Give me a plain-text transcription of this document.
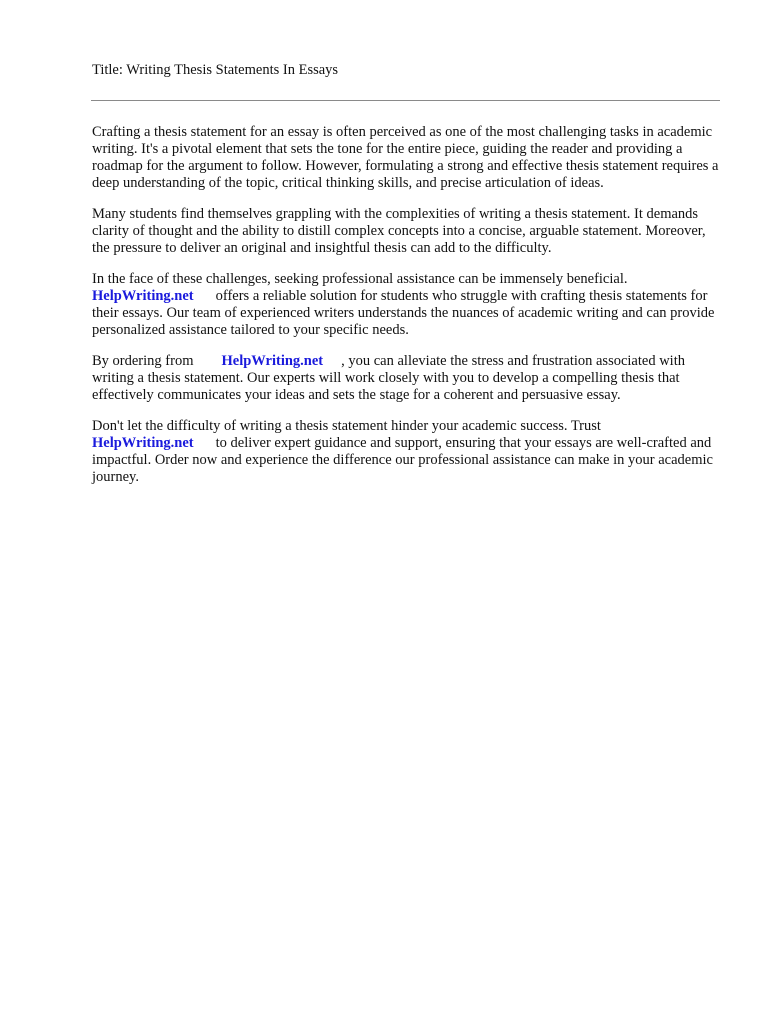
Title: Writing Thesis Statements In Essays

Crafting a thesis statement for an essay is often perceived as one of the most challenging tasks in academic writing. It's a pivotal element that sets the tone for the entire piece, guiding the reader and providing a roadmap for the argument to follow. However, formulating a strong and effective thesis statement requires a deep understanding of the topic, critical thinking skills, and precise articulation of ideas.

Many students find themselves grappling with the complexities of writing a thesis statement. It demands clarity of thought and the ability to distill complex concepts into a concise, arguable statement. Moreover, the pressure to deliver an original and insightful thesis can add to the difficulty.

In the face of these challenges, seeking professional assistance can be immensely beneficial.
HelpWriting.net offers a reliable solution for students who struggle with crafting thesis statements for their essays. Our team of experienced writers understands the nuances of academic writing and can provide personalized assistance tailored to your specific needs.

By ordering from HelpWriting.net , you can alleviate the stress and frustration associated with writing a thesis statement. Our experts will work closely with you to develop a compelling thesis that effectively communicates your ideas and sets the stage for a coherent and persuasive essay.

Don't let the difficulty of writing a thesis statement hinder your academic success. Trust
HelpWriting.net to deliver expert guidance and support, ensuring that your essays are well-crafted and impactful. Order now and experience the difference our professional assistance can make in your academic journey.
